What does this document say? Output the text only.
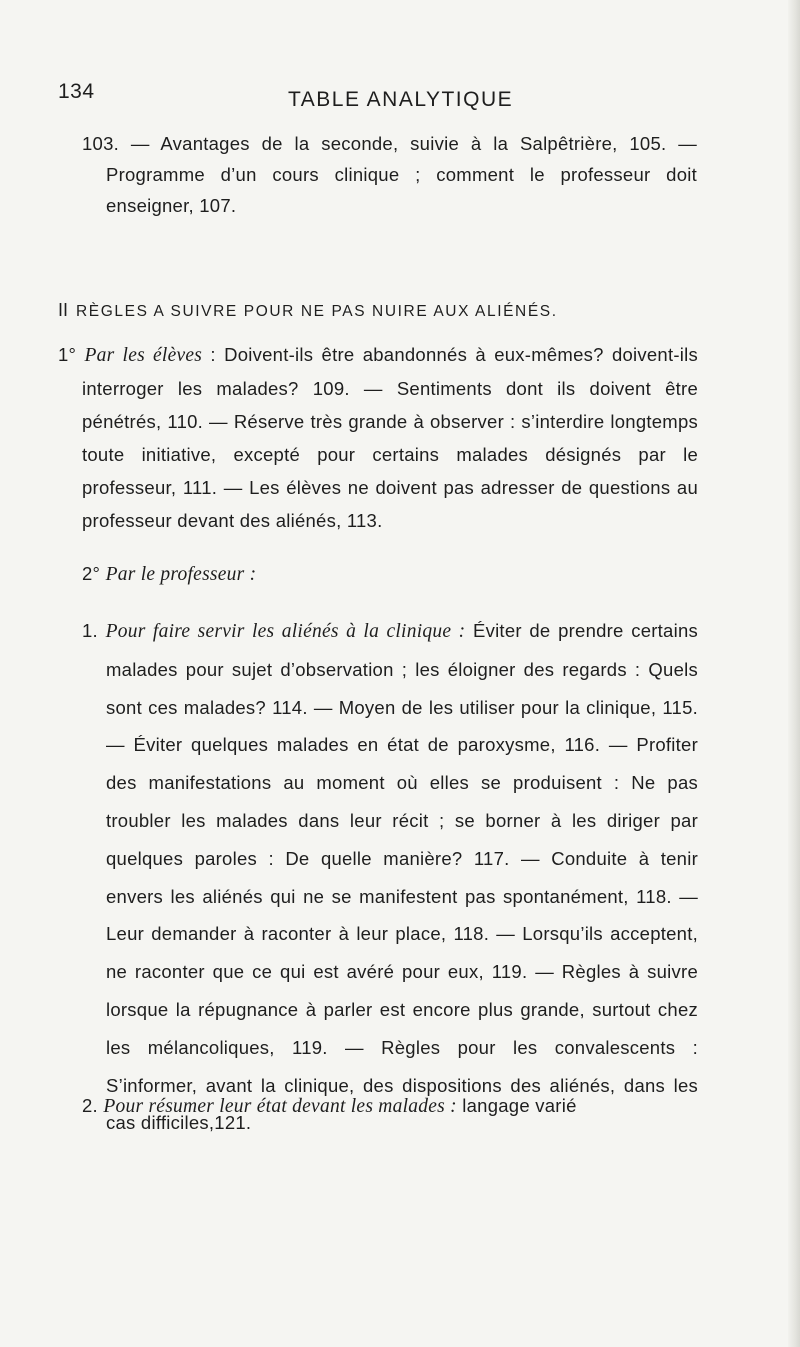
134	TABLE ANALYTIQUE

103. — Avantages de la seconde, suivie à la Salpêtrière, 105. — Programme d’un cours clinique ; comment le professeur doit enseigner, 107.

II RÈGLES A SUIVRE POUR NE PAS NUIRE AUX ALIÉNÉS.

1° Par les élèves : Doivent-ils être abandonnés à eux-mêmes? doivent-ils interroger les malades? 109. — Sentiments dont ils doivent être pénétrés, 110. — Réserve très grande à observer : s’interdire longtemps toute initiative, excepté pour certains malades désignés par le professeur, 111. — Les élèves ne doivent pas adresser de questions au professeur devant des aliénés, 113.

2° Par le professeur :

1. Pour faire servir les aliénés à la clinique : Éviter de prendre certains malades pour sujet d’observation ; les éloigner des regards : Quels sont ces malades? 114. — Moyen de les utiliser pour la clinique, 115.— Éviter quelques malades en état de paroxysme, 116. — Profiter des manifestations au moment où elles se produisent : Ne pas troubler les malades dans leur récit ; se borner à les diriger par quelques paroles : De quelle manière? 117. — Conduite à tenir envers les aliénés qui ne se manifestent pas spontanément, 118. — Leur demander à raconter à leur place, 118. — Lorsqu’ils acceptent, ne raconter que ce qui est avéré pour eux, 119. — Règles à suivre lorsque la répugnance à parler est encore plus grande, surtout chez les mélancoliques, 119. — Règles pour les convalescents : S’informer, avant la clinique, des dispositions des aliénés, dans les cas difficiles,121.

2. Pour résumer leur état devant les malades : langage varié
